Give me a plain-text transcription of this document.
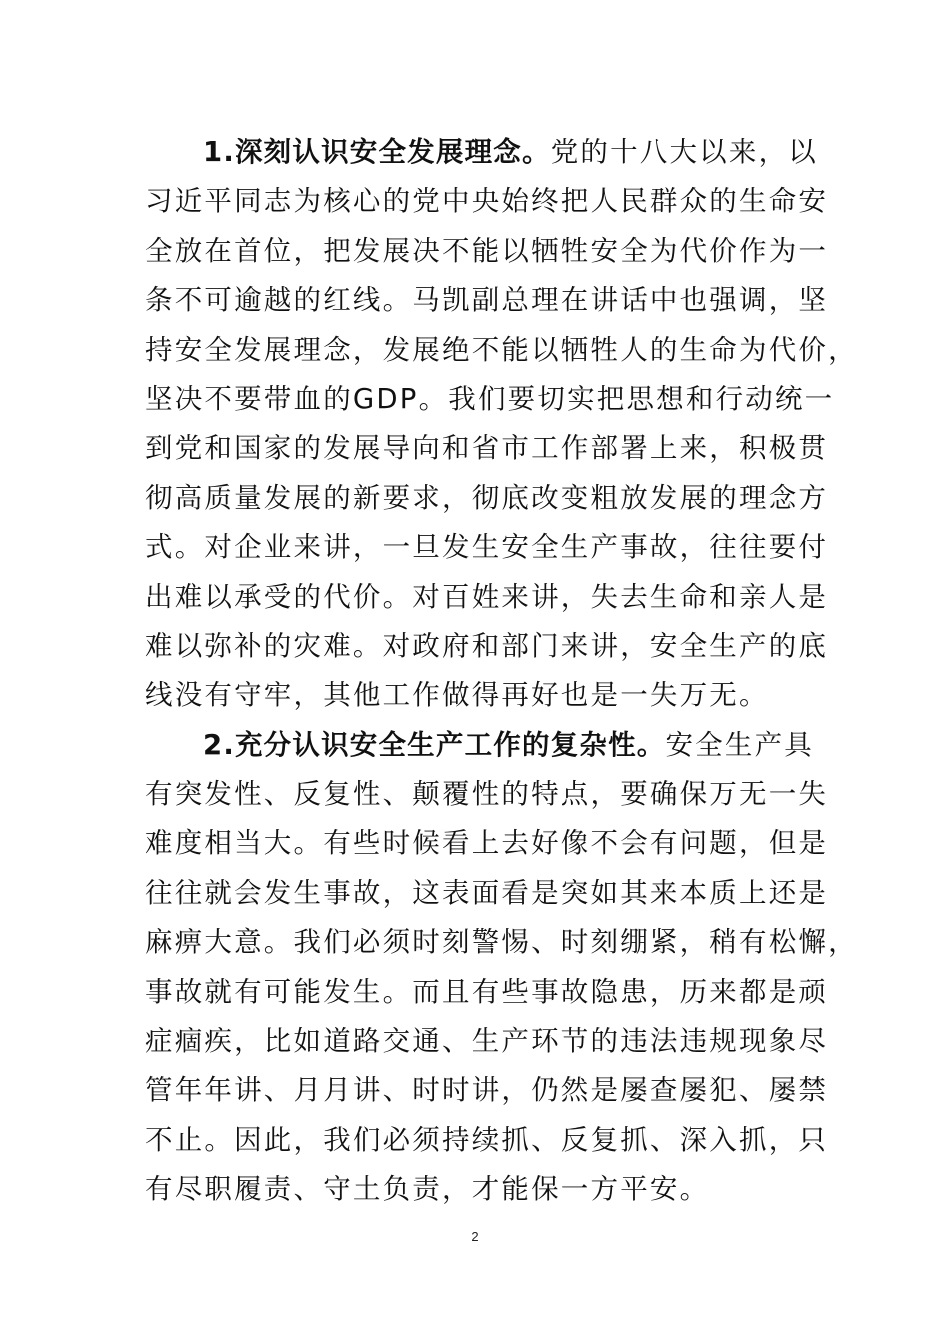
1.深刻认识安全发展理念。党的十八大以来，以
习近平同志为核心的党中央始终把人民群众的生命安
全放在首位，把发展决不能以牺牲安全为代价作为一
条不可逾越的红线。马凯副总理在讲话中也强调，坚
持安全发展理念，发展绝不能以牺牲人的生命为代价，
坚决不要带血的GDP。我们要切实把思想和行动统一
到党和国家的发展导向和省市工作部署上来，积极贯
彻高质量发展的新要求，彻底改变粗放发展的理念方
式。对企业来讲，一旦发生安全生产事故，往往要付
出难以承受的代价。对百姓来讲，失去生命和亲人是
难以弥补的灾难。对政府和部门来讲，安全生产的底
线没有守牢，其他工作做得再好也是一失万无。
2.充分认识安全生产工作的复杂性。安全生产具
有突发性、反复性、颠覆性的特点，要确保万无一失
难度相当大。有些时候看上去好像不会有问题，但是
往往就会发生事故，这表面看是突如其来本质上还是
麻痹大意。我们必须时刻警惕、时刻绷紧，稍有松懈，
事故就有可能发生。而且有些事故隐患，历来都是顽
症痼疾，比如道路交通、生产环节的违法违规现象尽
管年年讲、月月讲、时时讲，仍然是屡查屡犯、屡禁
不止。因此，我们必须持续抓、反复抓、深入抓，只
有尽职履责、守土负责，才能保一方平安。
2
